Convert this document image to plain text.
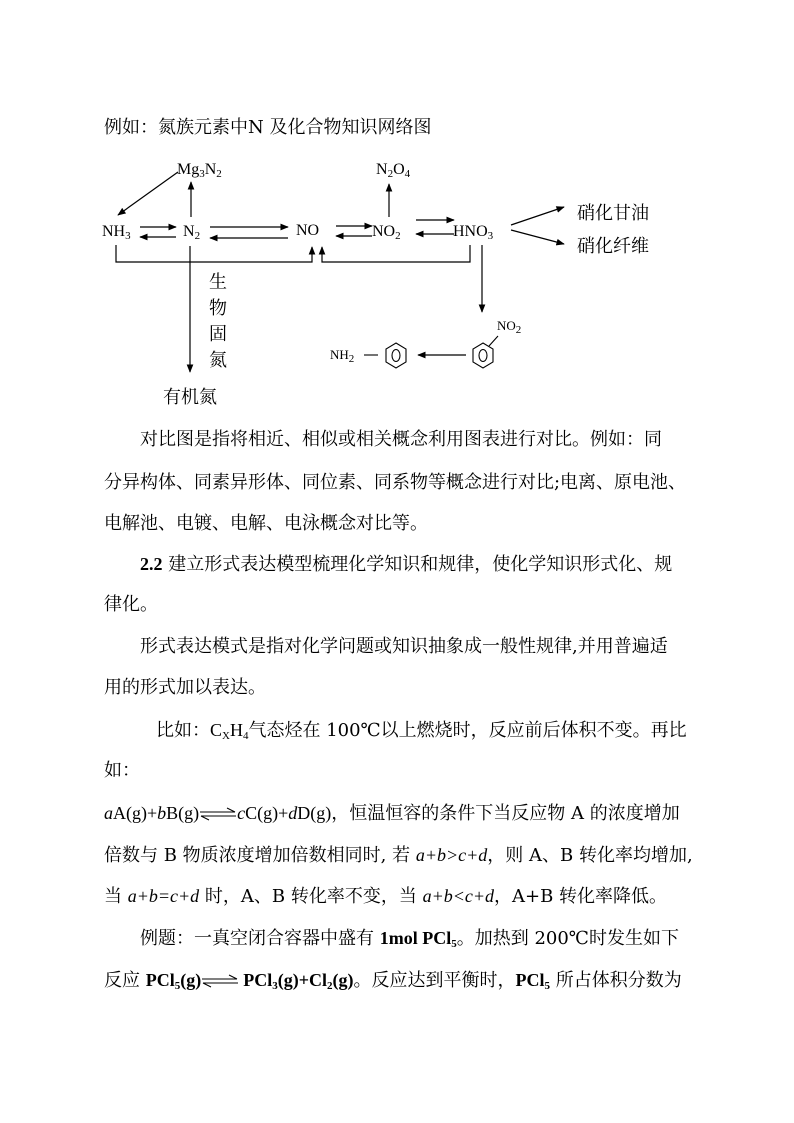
例如：氮族元素中N 及化合物知识网络图
$Mg_3N_2$	$N_2O_4$
$NH_3$	$N_2$	NO	$NO_2$	$HNO_3$
硝化甘油
硝化纤维
生
物
固
氮
有机氮
$NO_2$
$NH_2$
对比图是指将相近、相似或相关概念利用图表进行对比。例如：同
分异构体、同素异形体、同位素、同系物等概念进行对比;电离、原电池、
电解池、电镀、电解、电泳概念对比等。
2.2 建立形式表达模型梳理化学知识和规律，使化学知识形式化、规
律化。
形式表达模式是指对化学问题或知识抽象成一般性规律,并用普遍适
用的形式加以表达。
比如：$C_XH_4$气态烃在 100℃以上燃烧时，反应前后体积不变。再比
如：
aA(g)+bB(g)⇌cC(g)+dD(g)，恒温恒容的条件下当反应物 A 的浓度增加
倍数与 B 物质浓度增加倍数相同时, 若 a+b>c+d，则 A、B 转化率均增加,
当 a+b=c+d 时，A、B 转化率不变，当 a+b<c+d，A+B 转化率降低。
例题：一真空闭合容器中盛有 1mol PCl$_5$。加热到 200℃时发生如下
反应 PCl$_5$(g)⇌ $PCl_3(g)+Cl_2(g)$。反应达到平衡时，PCl$_5$ 所占体积分数为
